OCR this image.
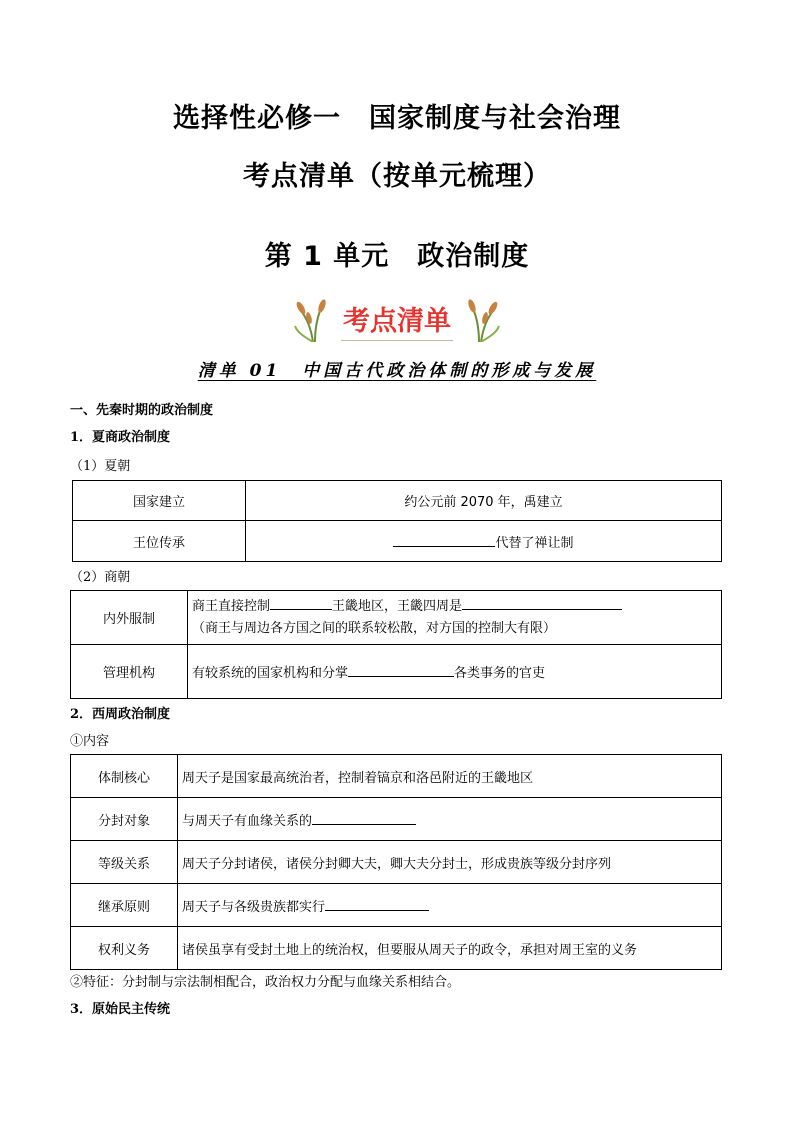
选择性必修一　国家制度与社会治理
考点清单（按单元梳理）
第 1 单元　政治制度
考点清单
清单 01　中国古代政治体制的形成与发展
一、先秦时期的政治制度
1．夏商政治制度
（1）夏朝
国家建立	约公元前 2070 年，禹建立
王位传承	代替了禅让制
（2）商朝
内外服制	商王直接控制 王畿地区，王畿四周是
（商王与周边各方国之间的联系较松散，对方国的控制大有限）

管理机构	有较系统的国家机构和分掌 各类事务的官吏
2．西周政治制度
①内容
体制核心	周天子是国家最高统治者，控制着镐京和洛邑附近的王畿地区
分封对象	与周天子有血缘关系的
等级关系	周天子分封诸侯，诸侯分封卿大夫，卿大夫分封士，形成贵族等级分封序列
继承原则	周天子与各级贵族都实行
权利义务	诸侯虽享有受封土地上的统治权，但要服从周天子的政令，承担对周王室的义务
②特征：分封制与宗法制相配合，政治权力分配与血缘关系相结合。
3．原始民主传统
